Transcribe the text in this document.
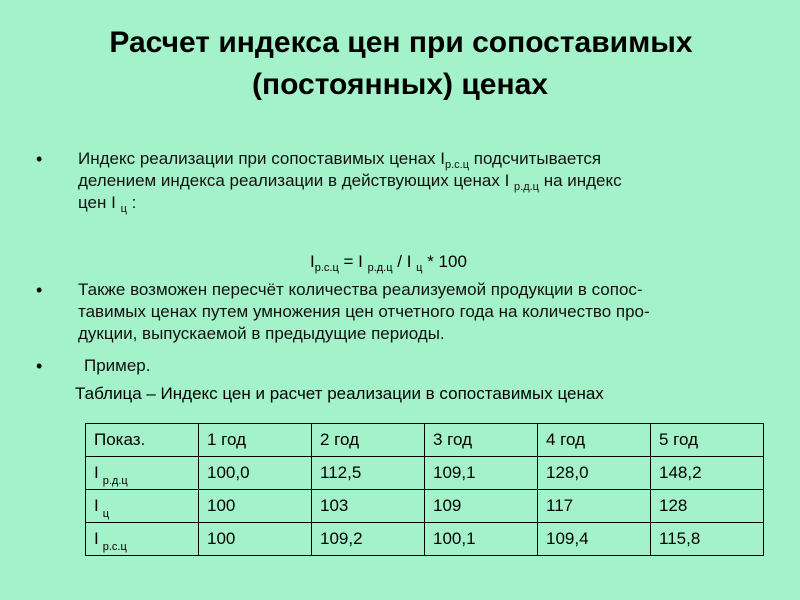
Расчет индекса цен при сопоставимых
(постоянных) ценах
• Индекс реализации при сопоставимых ценах $I_{р.с.ц}$ подсчитывается
делением индекса реализации в действующих ценах I $_{р.д.ц}$ на индекс
цен I $_ц$ :
$I_{р.с.ц} = I$ $_{р.д.ц}$ / I $_ц$ * 100
• Также возможен пересчёт количества реализуемой продукции в сопос-
тавимых ценах путем умножения цен отчетного года на количество про-
дукции, выпускаемой в предыдущие периоды.
• Пример.
Таблица – Индекс цен и расчет реализации в сопоставимых ценах
Показ.	1 год	2 год	3 год	4 год	5 год
I $_{р.д.ц}$	100,0	112,5	109,1	128,0	148,2
I $_ц$	100	103	109	117	128
I $_{р.с.ц}$	100	109,2	100,1	109,4	115,8
